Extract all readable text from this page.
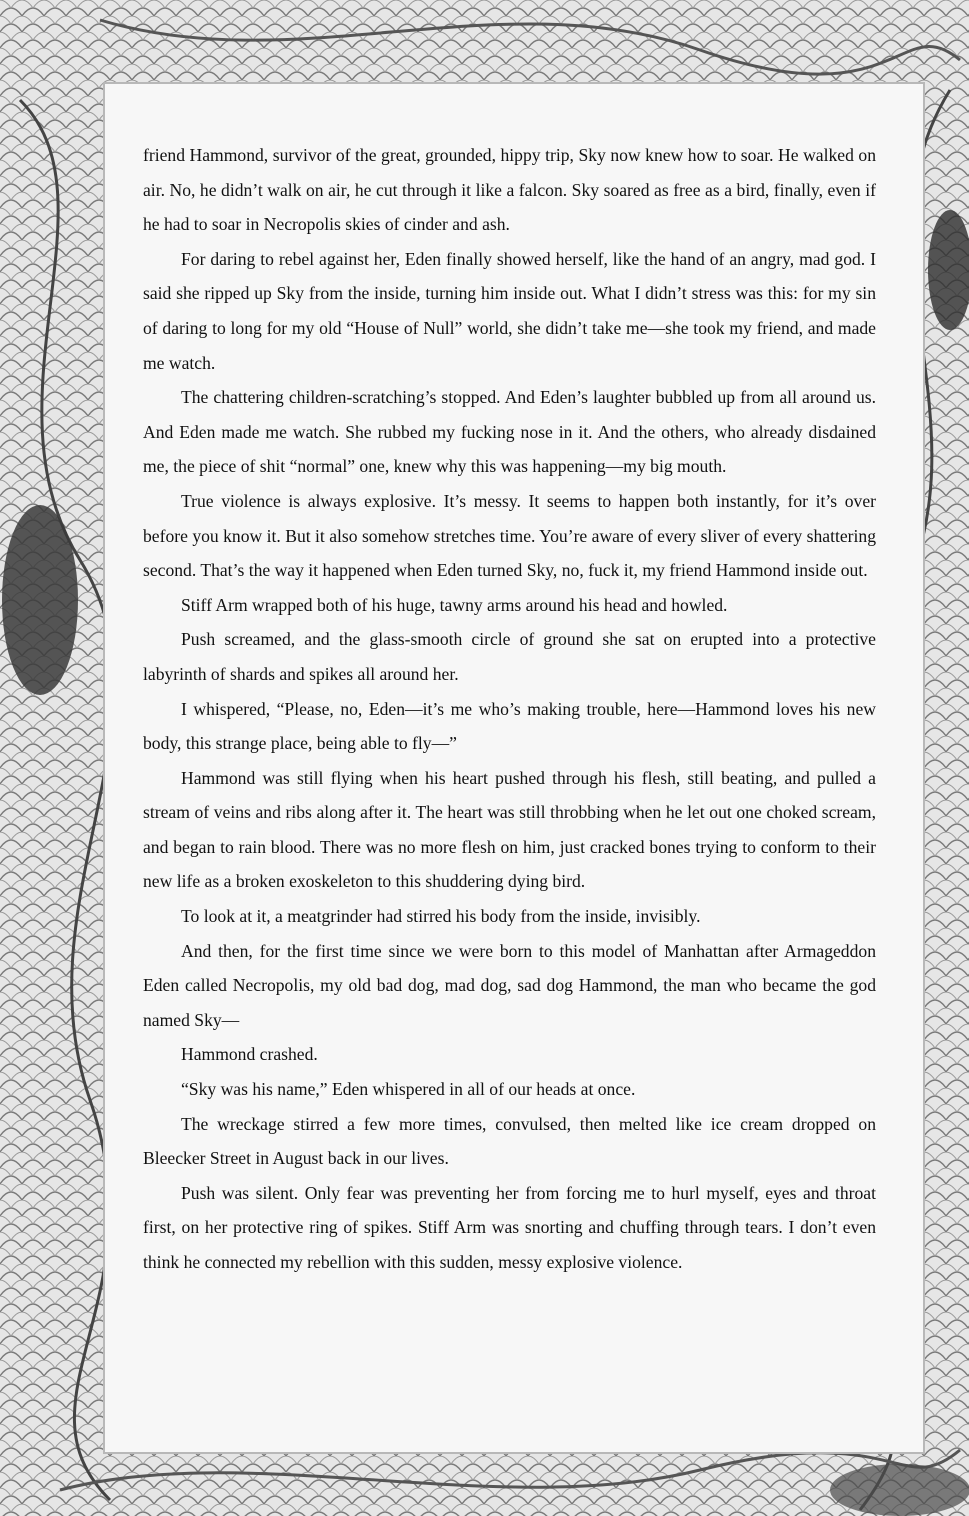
friend Hammond, survivor of the great, grounded, hippy trip, Sky now knew how to soar. He walked on air. No, he didn’t walk on air, he cut through it like a falcon. Sky soared as free as a bird, finally, even if he had to soar in Necropolis skies of cinder and ash.

For daring to rebel against her, Eden finally showed herself, like the hand of an angry, mad god. I said she ripped up Sky from the inside, turning him inside out. What I didn’t stress was this: for my sin of daring to long for my old “House of Null” world, she didn’t take me—she took my friend, and made me watch.

The chattering children-scratching’s stopped. And Eden’s laughter bubbled up from all around us. And Eden made me watch. She rubbed my fucking nose in it. And the others, who already disdained me, the piece of shit “normal” one, knew why this was happening—my big mouth.

True violence is always explosive. It’s messy. It seems to happen both instantly, for it’s over before you know it. But it also somehow stretches time. You’re aware of every sliver of every shattering second. That’s the way it happened when Eden turned Sky, no, fuck it, my friend Hammond inside out.

Stiff Arm wrapped both of his huge, tawny arms around his head and howled.

Push screamed, and the glass-smooth circle of ground she sat on erupted into a protective labyrinth of shards and spikes all around her.

I whispered, “Please, no, Eden—it’s me who’s making trouble, here—Hammond loves his new body, this strange place, being able to fly—”

Hammond was still flying when his heart pushed through his flesh, still beating, and pulled a stream of veins and ribs along after it. The heart was still throbbing when he let out one choked scream, and began to rain blood. There was no more flesh on him, just cracked bones trying to conform to their new life as a broken exoskeleton to this shuddering dying bird.

To look at it, a meatgrinder had stirred his body from the inside, invisibly.

And then, for the first time since we were born to this model of Manhattan after Armageddon Eden called Necropolis, my old bad dog, mad dog, sad dog Hammond, the man who became the god named Sky—

Hammond crashed.

“Sky was his name,” Eden whispered in all of our heads at once.

The wreckage stirred a few more times, convulsed, then melted like ice cream dropped on Bleecker Street in August back in our lives.

Push was silent. Only fear was preventing her from forcing me to hurl myself, eyes and throat first, on her protective ring of spikes. Stiff Arm was snorting and chuffing through tears. I don’t even think he connected my rebellion with this sudden, messy explosive violence.
